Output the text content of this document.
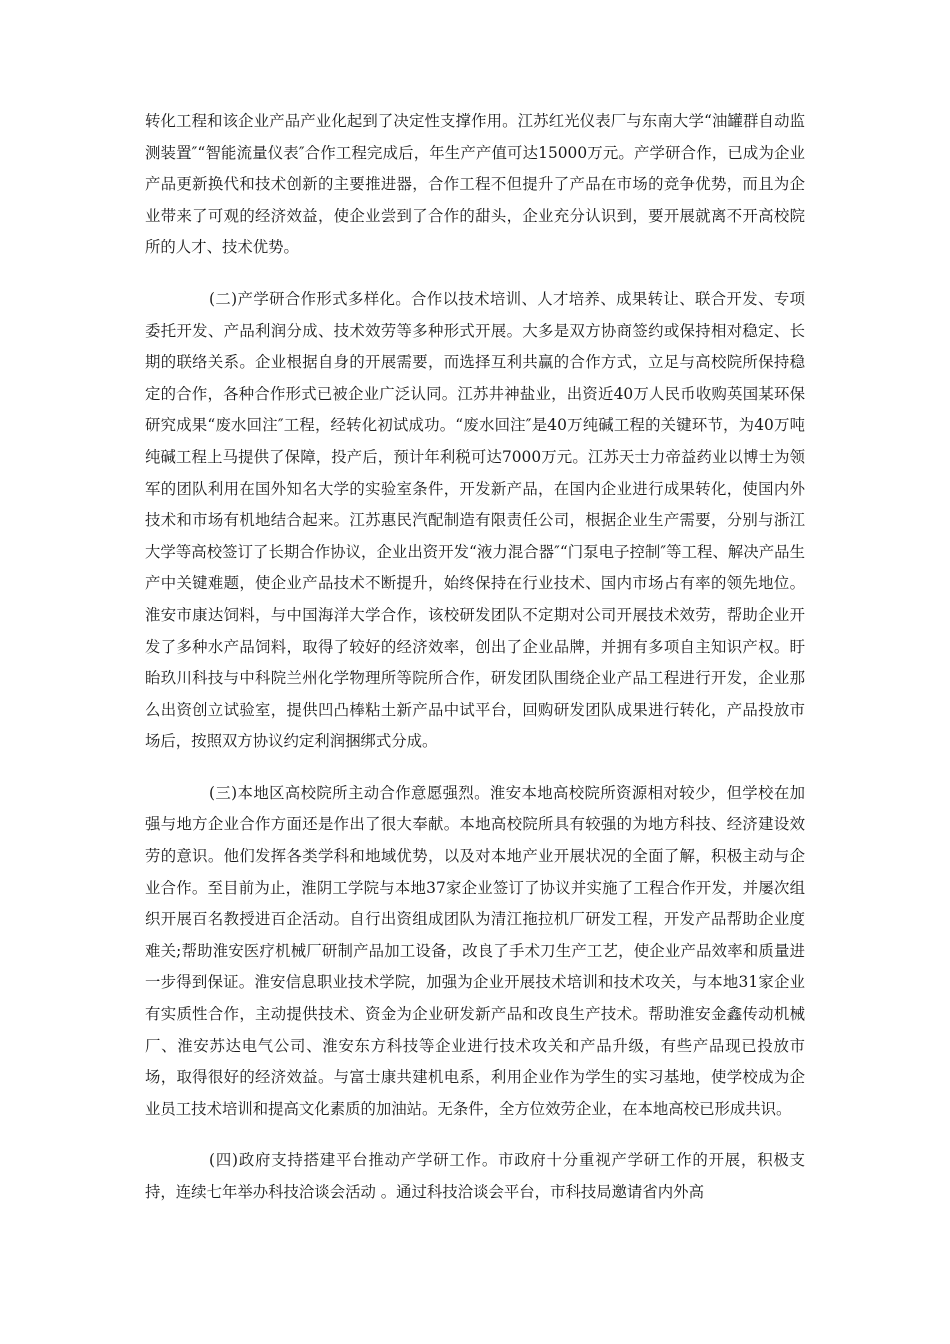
转化工程和该企业产品产业化起到了决定性支撑作用。江苏红光仪表厂与东南大学“油罐群自动监测装置″“智能流量仪表″合作工程完成后，年生产产值可达15000万元。产学研合作，已成为企业产品更新换代和技术创新的主要推进器，合作工程不但提升了产品在市场的竞争优势，而且为企业带来了可观的经济效益，使企业尝到了合作的甜头，企业充分认识到，要开展就离不开高校院所的人才、技术优势。

(二)产学研合作形式多样化。合作以技术培训、人才培养、成果转让、联合开发、专项委托开发、产品利润分成、技术效劳等多种形式开展。大多是双方协商签约或保持相对稳定、长期的联络关系。企业根据自身的开展需要，而选择互利共赢的合作方式，立足与高校院所保持稳定的合作，各种合作形式已被企业广泛认同。江苏井神盐业，出资近40万人民币收购英国某环保研究成果“废水回注″工程，经转化初试成功。“废水回注″是40万纯碱工程的关键环节，为40万吨纯碱工程上马提供了保障，投产后，预计年利税可达7000万元。江苏天士力帝益药业以博士为领军的团队利用在国外知名大学的实验室条件，开发新产品，在国内企业进行成果转化，使国内外技术和市场有机地结合起来。江苏惠民汽配制造有限责任公司，根据企业生产需要，分别与浙江大学等高校签订了长期合作协议，企业出资开发“液力混合器″“门泵电子控制″等工程、解决产品生产中关键难题，使企业产品技术不断提升，始终保持在行业技术、国内市场占有率的领先地位。淮安市康达饲料，与中国海洋大学合作，该校研发团队不定期对公司开展技术效劳，帮助企业开发了多种水产品饲料，取得了较好的经济效率，创出了企业品牌，并拥有多项自主知识产权。盱眙玖川科技与中科院兰州化学物理所等院所合作，研发团队围绕企业产品工程进行开发，企业那么出资创立试验室，提供凹凸棒粘土新产品中试平台，回购研发团队成果进行转化，产品投放市场后，按照双方协议约定利润捆绑式分成。

(三)本地区高校院所主动合作意愿强烈。淮安本地高校院所资源相对较少，但学校在加强与地方企业合作方面还是作出了很大奉献。本地高校院所具有较强的为地方科技、经济建设效劳的意识。他们发挥各类学科和地域优势，以及对本地产业开展状况的全面了解，积极主动与企业合作。至目前为止，淮阴工学院与本地37家企业签订了协议并实施了工程合作开发，并屡次组织开展百名教授进百企活动。自行出资组成团队为清江拖拉机厂研发工程，开发产品帮助企业度难关;帮助淮安医疗机械厂研制产品加工设备，改良了手术刀生产工艺，使企业产品效率和质量进一步得到保证。淮安信息职业技术学院，加强为企业开展技术培训和技术攻关，与本地31家企业有实质性合作，主动提供技术、资金为企业研发新产品和改良生产技术。帮助淮安金鑫传动机械厂、淮安苏达电气公司、淮安东方科技等企业进行技术攻关和产品升级，有些产品现已投放市场，取得很好的经济效益。与富士康共建机电系，利用企业作为学生的实习基地，使学校成为企业员工技术培训和提高文化素质的加油站。无条件，全方位效劳企业，在本地高校已形成共识。

(四)政府支持搭建平台推动产学研工作。市政府十分重视产学研工作的开展，积极支持，连续七年举办科技洽谈会活动 。通过科技洽谈会平台，市科技局邀请省内外高
